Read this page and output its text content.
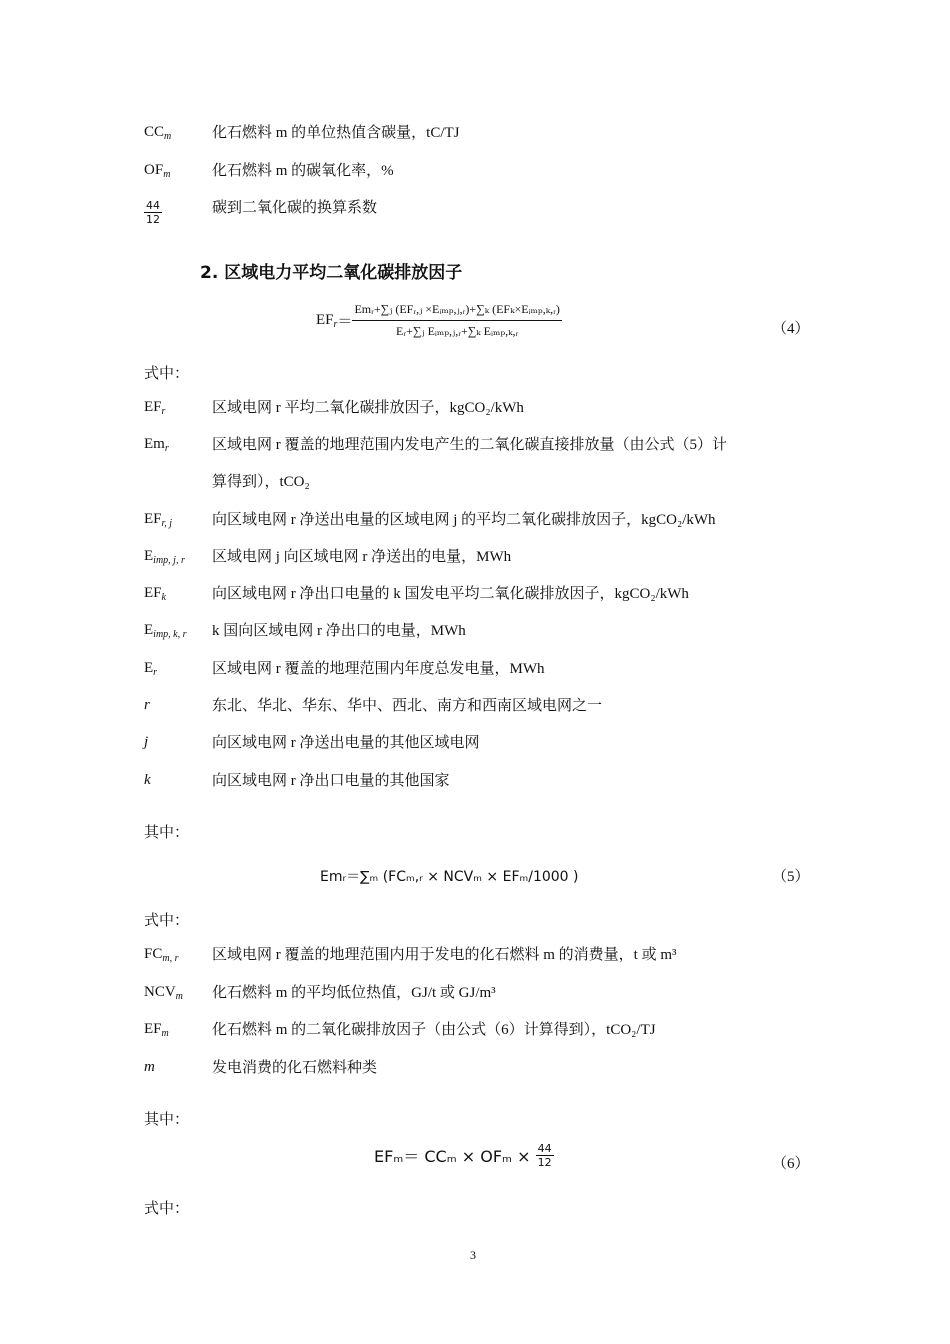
$CC_m$	化石燃料 m 的单位热值含碳量，tC/TJ
$OF_m$	化石燃料 m 的碳氧化率，%
$\frac{44}{12}$	碳到二氧化碳的换算系数
2. 区域电力平均二氧化碳排放因子
$EF_r= \frac{\text{Emᵣ+∑ⱼ (EFᵣ,ⱼ ×Eᵢₘₚ,ⱼ,ᵣ)+∑ₖ (EFₖ×Eᵢₘₚ,ₖ,ᵣ)}}{\text{Eᵣ+∑ⱼ Eᵢₘₚ,ⱼ,ᵣ+∑ₖ Eᵢₘₚ,ₖ,ᵣ}}$	（4）
式中：
$EF_r$	区域电网 r 平均二氧化碳排放因子，kgCO₂/kWh
$Em_r$	区域电网 r 覆盖的地理范围内发电产生的二氧化碳直接排放量（由公式（5）计
算得到），tCO₂
$EF_{r, j}$	向区域电网 r 净送出电量的区域电网 j 的平均二氧化碳排放因子，kgCO₂/kWh
$E_{imp, j, r}$ 区域电网 j 向区域电网 r 净送出的电量，MWh
$EF_k$	向区域电网 r 净出口电量的 k 国发电平均二氧化碳排放因子，kgCO₂/kWh
$E_{imp, k, r}$ k 国向区域电网 r 净出口的电量，MWh
$E_r$	区域电网 r 覆盖的地理范围内年度总发电量，MWh
r	东北、华北、华东、华中、西北、南方和西南区域电网之一
j	向区域电网 r 净送出电量的其他区域电网
k	向区域电网 r 净出口电量的其他国家
其中：
Emᵣ＝∑ₘ (FCₘ,ᵣ × NCVₘ × EFₘ/1000 )	（5）
式中：
$FC_{m, r}$ 区域电网 r 覆盖的地理范围内用于发电的化石燃料 m 的消费量，t 或 m³
$NCV_m$ 化石燃料 m 的平均低位热值，GJ/t 或 GJ/m³
$EF_m$	化石燃料 m 的二氧化碳排放因子（由公式（6）计算得到），tCO₂/TJ
m	发电消费的化石燃料种类
其中：
$EF_m= CC_m \times OF_m \times \frac{44}{12}$	（6）
式中：
3
